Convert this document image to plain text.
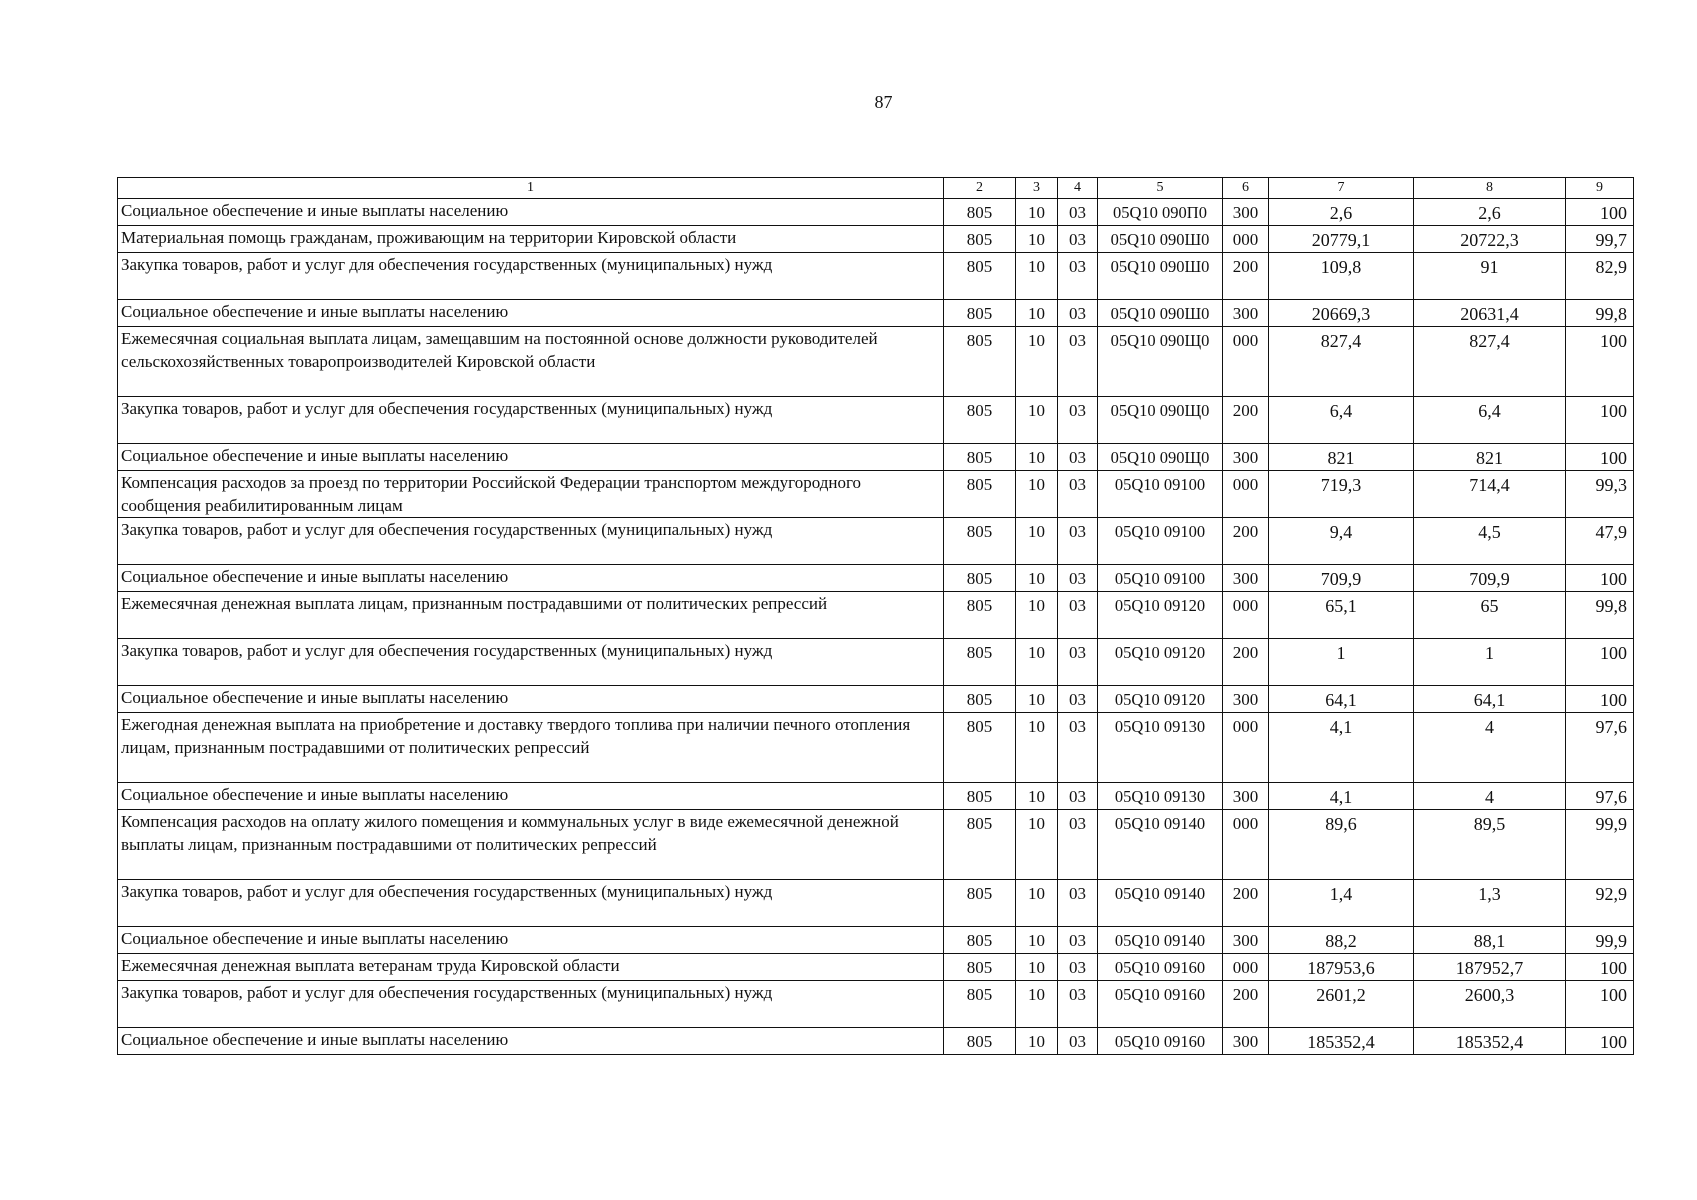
87
1	2	3	4	5	6	7	8	9
Социальное обеспечение и иные выплаты населению	805	10	03	05Q10 090П0	300	2,6	2,6	100
Материальная помощь гражданам, проживающим на территории Кировской области	805	10	03	05Q10 090Ш0	000	20779,1	20722,3	99,7
Закупка товаров, работ и услуг для обеспечения государственных (муниципальных) нужд	805	10	03	05Q10 090Ш0	200	109,8	91	82,9
Социальное обеспечение и иные выплаты населению	805	10	03	05Q10 090Ш0	300	20669,3	20631,4	99,8
Ежемесячная социальная выплата лицам, замещавшим на постоянной основе должности руководителей сельскохозяйственных товаропроизводителей Кировской области	805	10	03	05Q10 090Щ0	000	827,4	827,4	100
Закупка товаров, работ и услуг для обеспечения государственных (муниципальных) нужд	805	10	03	05Q10 090Щ0	200	6,4	6,4	100
Социальное обеспечение и иные выплаты населению	805	10	03	05Q10 090Щ0	300	821	821	100
Компенсация расходов за проезд по территории Российской Федерации транспортом междугородного сообщения реабилитированным лицам	805	10	03	05Q10 09100	000	719,3	714,4	99,3
Закупка товаров, работ и услуг для обеспечения государственных (муниципальных) нужд	805	10	03	05Q10 09100	200	9,4	4,5	47,9
Социальное обеспечение и иные выплаты населению	805	10	03	05Q10 09100	300	709,9	709,9	100
Ежемесячная денежная выплата лицам, признанным пострадавшими от политических репрессий	805	10	03	05Q10 09120	000	65,1	65	99,8
Закупка товаров, работ и услуг для обеспечения государственных (муниципальных) нужд	805	10	03	05Q10 09120	200	1	1	100
Социальное обеспечение и иные выплаты населению	805	10	03	05Q10 09120	300	64,1	64,1	100
Ежегодная денежная выплата на приобретение и доставку твердого топлива при наличии печного отопления лицам, признанным пострадавшими от политических репрессий	805	10	03	05Q10 09130	000	4,1	4	97,6
Социальное обеспечение и иные выплаты населению	805	10	03	05Q10 09130	300	4,1	4	97,6
Компенсация расходов на оплату жилого помещения и коммунальных услуг в виде ежемесячной денежной выплаты лицам, признанным пострадавшими от политических репрессий	805	10	03	05Q10 09140	000	89,6	89,5	99,9
Закупка товаров, работ и услуг для обеспечения государственных (муниципальных) нужд	805	10	03	05Q10 09140	200	1,4	1,3	92,9
Социальное обеспечение и иные выплаты населению	805	10	03	05Q10 09140	300	88,2	88,1	99,9
Ежемесячная денежная выплата ветеранам труда Кировской области	805	10	03	05Q10 09160	000	187953,6	187952,7	100
Закупка товаров, работ и услуг для обеспечения государственных (муниципальных) нужд	805	10	03	05Q10 09160	200	2601,2	2600,3	100
Социальное обеспечение и иные выплаты населению	805	10	03	05Q10 09160	300	185352,4	185352,4	100
